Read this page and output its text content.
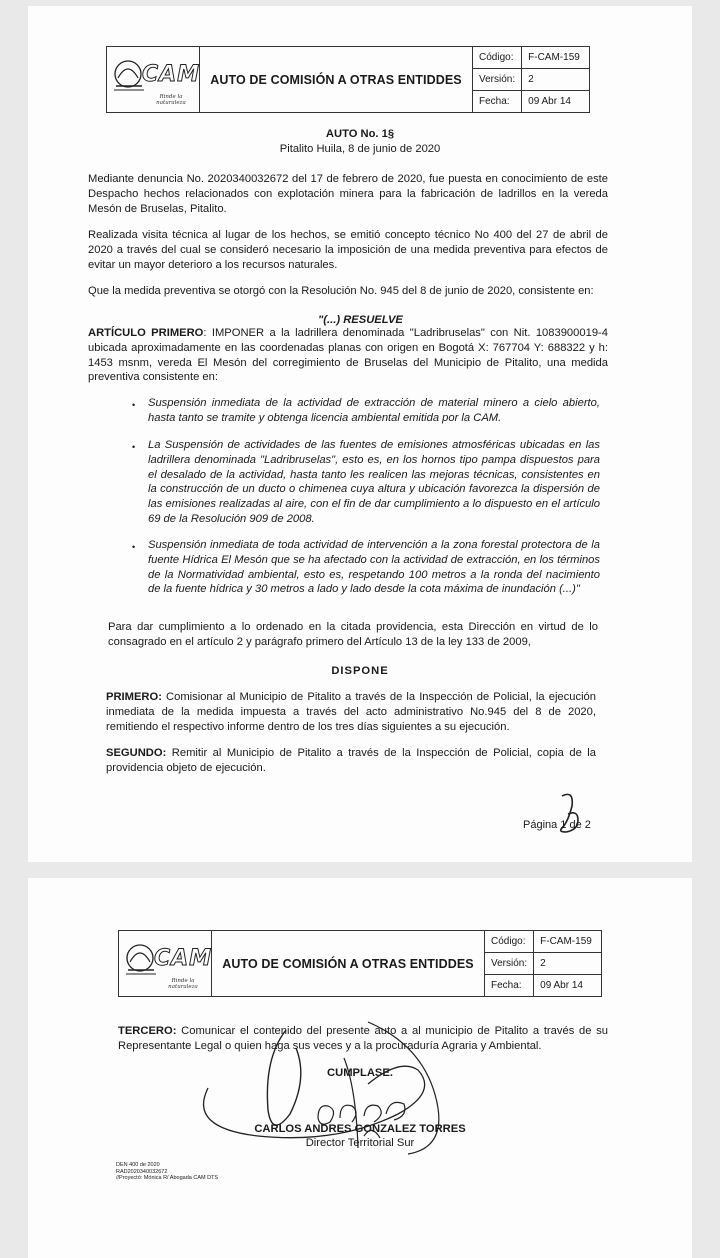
CAM
Rinde la naturaleza	AUTO DE COMISIÓN A OTRAS ENTIDDES	Código:	F-CAM-159
		Versión:	2
		Fecha:	09 Abr 14
AUTO No. 1§
Pitalito Huila, 8 de junio de 2020
Mediante denuncia No. 2020340032672 del 17 de febrero de 2020, fue puesta en conocimiento de este Despacho hechos relacionados con explotación minera para la fabricación de ladrillos en la vereda Mesón de Bruselas, Pitalito.
Realizada visita técnica al lugar de los hechos, se emitió concepto técnico No 400 del 27 de abril de 2020 a través del cual se consideró necesario la imposición de una medida preventiva para efectos de evitar un mayor deterioro a los recursos naturales.
Que la medida preventiva se otorgó con la Resolución No. 945 del 8 de junio de 2020, consistente en:
"(...) RESUELVE
ARTÍCULO PRIMERO: IMPONER a la ladrillera denominada "Ladribruselas" con Nit. 1083900019-4 ubicada aproximadamente en las coordenadas planas con origen en Bogotá X: 767704 Y: 688322 y h: 1453 msnm, vereda El Mesón del corregimiento de Bruselas del Municipio de Pitalito, una medida preventiva consistente en:
• Suspensión inmediata de la actividad de extracción de material minero a cielo abierto, hasta tanto se tramite y obtenga licencia ambiental emitida por la CAM.
• La Suspensión de actividades de las fuentes de emisiones atmosféricas ubicadas en las ladrillera denominada "Ladribruselas", esto es, en los hornos tipo pampa dispuestos para el desalado de la actividad, hasta tanto les realicen las mejoras técnicas, consistentes en la construcción de un ducto o chimenea cuya altura y ubicación favorezca la dispersión de las emisiones realizadas al aire, con el fin de dar cumplimiento a lo dispuesto en el artículo 69 de la Resolución 909 de 2008.
• Suspensión inmediata de toda actividad de intervención a la zona forestal protectora de la fuente Hídrica El Mesón que se ha afectado con la actividad de extracción, en los términos de la Normatividad ambiental, esto es, respetando 100 metros a la ronda del nacimiento de la fuente hídrica y 30 metros a lado y lado desde la cota máxima de inundación (...)"
Para dar cumplimiento a lo ordenado en la citada providencia, esta Dirección en virtud de lo consagrado en el artículo 2 y parágrafo primero del Artículo 13 de la ley 133 de 2009,
DISPONE
PRIMERO: Comisionar al Municipio de Pitalito a través de la Inspección de Policial, la ejecución inmediata de la medida impuesta a través del acto administrativo No.945 del 8 de 2020, remitiendo el respectivo informe dentro de los tres días siguientes a su ejecución.
SEGUNDO: Remitir al Municipio de Pitalito a través de la Inspección de Policial, copia de la providencia objeto de ejecución.
Página 1 de 2
CAM
Rinde la naturaleza	AUTO DE COMISIÓN A OTRAS ENTIDDES	Código:	F-CAM-159
		Versión:	2
		Fecha:	09 Abr 14
TERCERO: Comunicar el contenido del presente auto a al municipio de Pitalito a través de su Representante Legal o quien haga sus veces y a la procuraduría Agraria y Ambiental.
CUMPLASE.
CARLOS ANDRES GONZALEZ TORRES
Director Territorial Sur
DEN 400 de 2020
RAD2020340032672
//Proyectó: Mónica R/ Abogada CAM DTS
